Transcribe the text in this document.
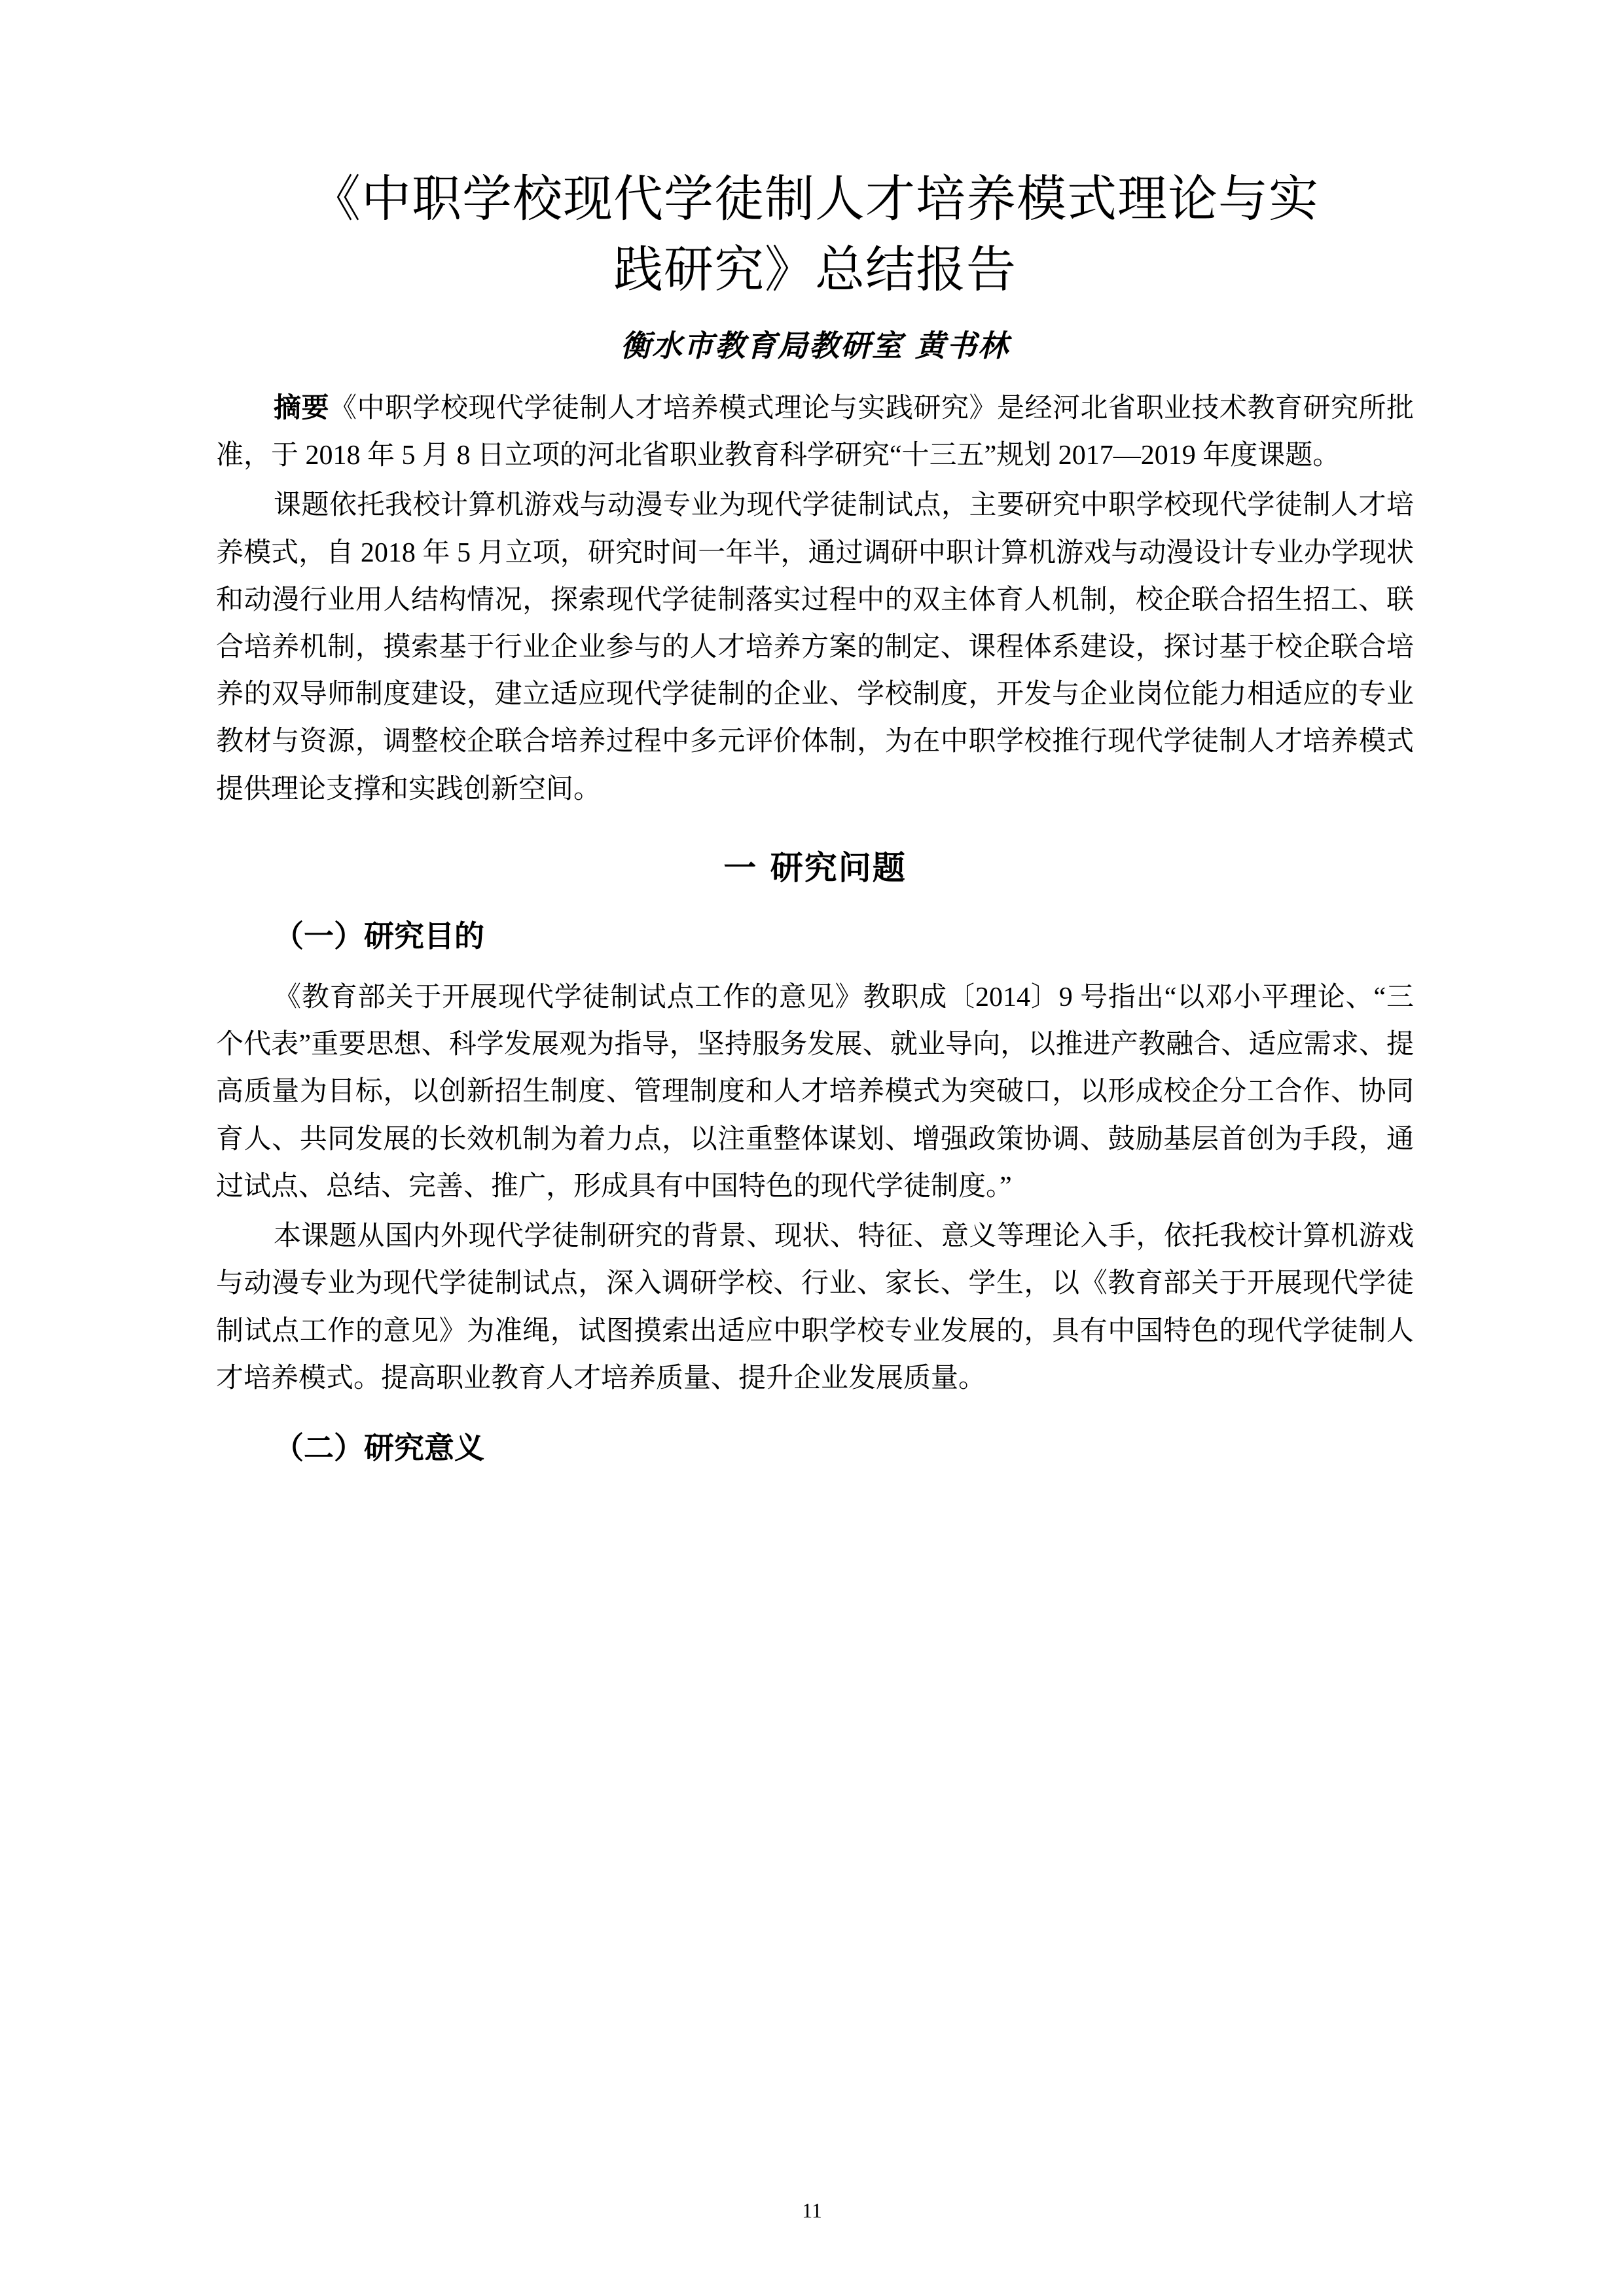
《中职学校现代学徒制人才培养模式理论与实践研究》总结报告
衡水市教育局教研室 黄书林

摘要《中职学校现代学徒制人才培养模式理论与实践研究》是经河北省职业技术教育研究所批准，于 2018 年 5 月 8 日立项的河北省职业教育科学研究“十三五”规划 2017—2019 年度课题。

课题依托我校计算机游戏与动漫专业为现代学徒制试点，主要研究中职学校现代学徒制人才培养模式，自 2018 年 5 月立项，研究时间一年半，通过调研中职计算机游戏与动漫设计专业办学现状和动漫行业用人结构情况，探索现代学徒制落实过程中的双主体育人机制，校企联合招生招工、联合培养机制，摸索基于行业企业参与的人才培养方案的制定、课程体系建设，探讨基于校企联合培养的双导师制度建设，建立适应现代学徒制的企业、学校制度，开发与企业岗位能力相适应的专业教材与资源，调整校企联合培养过程中多元评价体制，为在中职学校推行现代学徒制人才培养模式提供理论支撑和实践创新空间。

一 研究问题
（一）研究目的

《教育部关于开展现代学徒制试点工作的意见》教职成〔2014〕9 号指出“以邓小平理论、“三个代表”重要思想、科学发展观为指导，坚持服务发展、就业导向，以推进产教融合、适应需求、提高质量为目标，以创新招生制度、管理制度和人才培养模式为突破口，以形成校企分工合作、协同育人、共同发展的长效机制为着力点，以注重整体谋划、增强政策协调、鼓励基层首创为手段，通过试点、总结、完善、推广，形成具有中国特色的现代学徒制度。”

本课题从国内外现代学徒制研究的背景、现状、特征、意义等理论入手，依托我校计算机游戏与动漫专业为现代学徒制试点，深入调研学校、行业、家长、学生，以《教育部关于开展现代学徒制试点工作的意见》为准绳，试图摸索出适应中职学校专业发展的，具有中国特色的现代学徒制人才培养模式。提高职业教育人才培养质量、提升企业发展质量。

（二）研究意义
11
